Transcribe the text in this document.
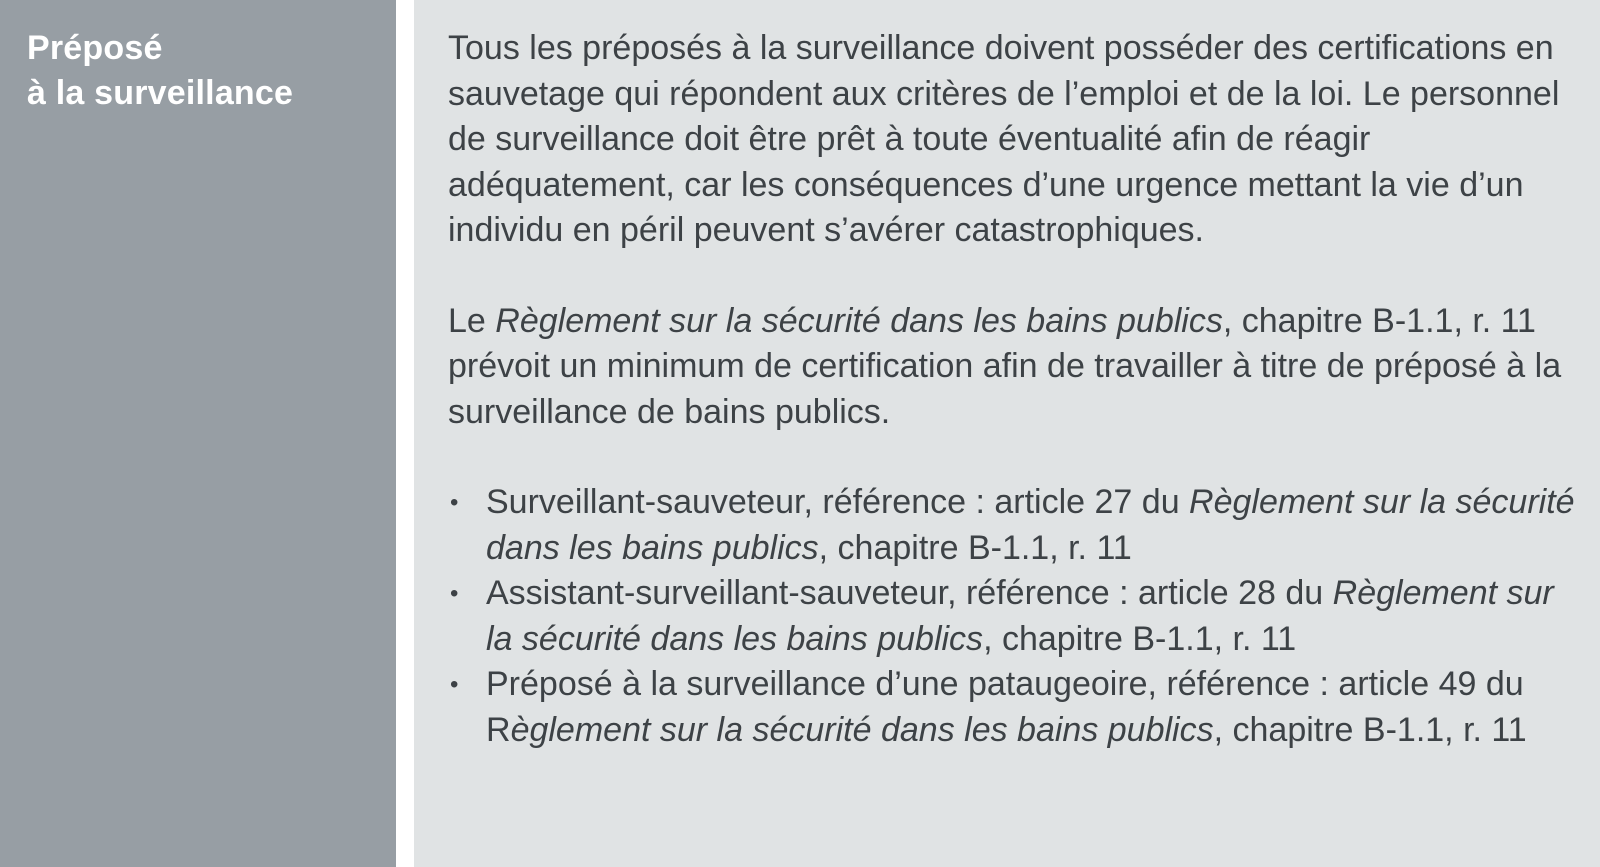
Préposé
à la surveillance

Tous les préposés à la surveillance doivent posséder des certifications en sauvetage qui répondent aux critères de l’emploi et de la loi. Le personnel de surveillance doit être prêt à toute éventualité afin de réagir adéquatement, car les conséquences d’une urgence mettant la vie d’un individu en péril peuvent s’avérer catastrophiques.

Le Règlement sur la sécurité dans les bains publics, chapitre B-1.1, r. 11 prévoit un minimum de certification afin de travailler à titre de préposé à la surveillance de bains publics.

• Surveillant-sauveteur, référence : article 27 du Règlement sur la sécurité dans les bains publics, chapitre B-1.1, r. 11
• Assistant-surveillant-sauveteur, référence : article 28 du Règlement sur la sécurité dans les bains publics, chapitre B-1.1, r. 11
• Préposé à la surveillance d’une pataugeoire, référence : article 49 du Règlement sur la sécurité dans les bains publics, chapitre B-1.1, r. 11
